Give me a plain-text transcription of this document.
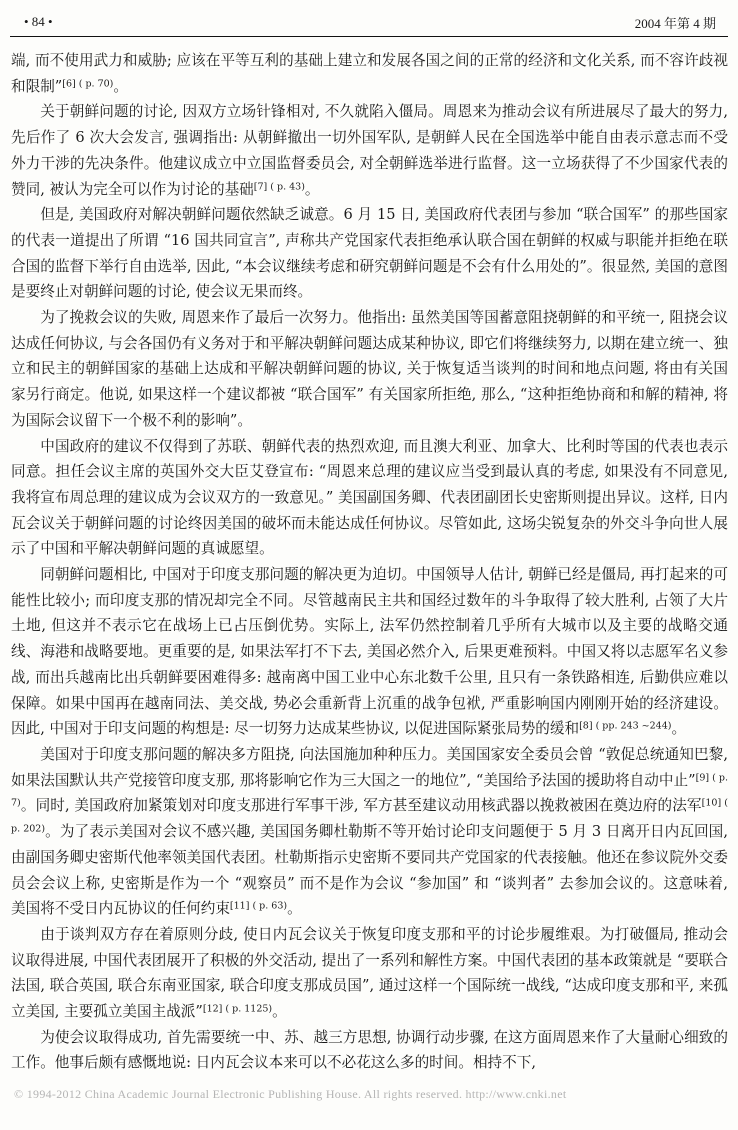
• 84 •	2004 年第 4 期

端, 而不使用武力和威胁; 应该在平等互利的基础上建立和发展各国之间的正常的经济和文化关系, 而不容许歧视和限制”$^{[6] ( p. 70)}$。

关于朝鲜问题的讨论, 因双方立场针锋相对, 不久就陷入僵局。周恩来为推动会议有所进展尽了最大的努力, 先后作了 6 次大会发言, 强调指出: 从朝鲜撤出一切外国军队, 是朝鲜人民在全国选举中能自由表示意志而不受外力干涉的先决条件。他建议成立中立国监督委员会, 对全朝鲜选举进行监督。这一立场获得了不少国家代表的赞同, 被认为完全可以作为讨论的基础$^{[7] ( p. 43)}$。

但是, 美国政府对解决朝鲜问题依然缺乏诚意。6 月 15 日, 美国政府代表团与参加 “联合国军” 的那些国家的代表一道提出了所谓 “16 国共同宣言”, 声称共产党国家代表拒绝承认联合国在朝鲜的权威与职能并拒绝在联合国的监督下举行自由选举, 因此, “本会议继续考虑和研究朝鲜问题是不会有什么用处的”。很显然, 美国的意图是要终止对朝鲜问题的讨论, 使会议无果而终。

为了挽救会议的失败, 周恩来作了最后一次努力。他指出: 虽然美国等国蓄意阻挠朝鲜的和平统一, 阻挠会议达成任何协议, 与会各国仍有义务对于和平解决朝鲜问题达成某种协议, 即它们将继续努力, 以期在建立统一、独立和民主的朝鲜国家的基础上达成和平解决朝鲜问题的协议, 关于恢复适当谈判的时间和地点问题, 将由有关国家另行商定。他说, 如果这样一个建议都被 “联合国军” 有关国家所拒绝, 那么, “这种拒绝协商和和解的精神, 将为国际会议留下一个极不利的影响”。

中国政府的建议不仅得到了苏联、朝鲜代表的热烈欢迎, 而且澳大利亚、加拿大、比利时等国的代表也表示同意。担任会议主席的英国外交大臣艾登宣布: “周恩来总理的建议应当受到最认真的考虑, 如果没有不同意见, 我将宣布周总理的建议成为会议双方的一致意见。” 美国副国务卿、代表团副团长史密斯则提出异议。这样, 日内瓦会议关于朝鲜问题的讨论终因美国的破坏而未能达成任何协议。尽管如此, 这场尖锐复杂的外交斗争向世人展示了中国和平解决朝鲜问题的真诚愿望。

同朝鲜问题相比, 中国对于印度支那问题的解决更为迫切。中国领导人估计, 朝鲜已经是僵局, 再打起来的可能性比较小; 而印度支那的情况却完全不同。尽管越南民主共和国经过数年的斗争取得了较大胜利, 占领了大片土地, 但这并不表示它在战场上已占压倒优势。实际上, 法军仍然控制着几乎所有大城市以及主要的战略交通线、海港和战略要地。更重要的是, 如果法军打不下去, 美国必然介入, 后果更难预料。中国又将以志愿军名义参战, 而出兵越南比出兵朝鲜要困难得多: 越南离中国工业中心东北数千公里, 且只有一条铁路相连, 后勤供应难以保障。如果中国再在越南同法、美交战, 势必会重新背上沉重的战争包袱, 严重影响国内刚刚开始的经济建设。因此, 中国对于印支问题的构想是: 尽一切努力达成某些协议, 以促进国际紧张局势的缓和$^{[8] ( pp. 243 \sim 244)}$。

美国对于印度支那问题的解决多方阻挠, 向法国施加种种压力。美国国家安全委员会曾 “敦促总统通知巴黎, 如果法国默认共产党接管印度支那, 那将影响它作为三大国之一的地位”, “美国给予法国的援助将自动中止”$^{[9] ( p. 7)}$。同时, 美国政府加紧策划对印度支那进行军事干涉, 军方甚至建议动用核武器以挽救被困在奠边府的法军$^{[10] ( p. 202)}$。为了表示美国对会议不感兴趣, 美国国务卿杜勒斯不等开始讨论印支问题便于 5 月 3 日离开日内瓦回国, 由副国务卿史密斯代他率领美国代表团。杜勒斯指示史密斯不要同共产党国家的代表接触。他还在参议院外交委员会会议上称, 史密斯是作为一个 “观察员” 而不是作为会议 “参加国” 和 “谈判者” 去参加会议的。这意味着, 美国将不受日内瓦协议的任何约束$^{[11] ( p. 63)}$。

由于谈判双方存在着原则分歧, 使日内瓦会议关于恢复印度支那和平的讨论步履维艰。为打破僵局, 推动会议取得进展, 中国代表团展开了积极的外交活动, 提出了一系列和解性方案。中国代表团的基本政策就是 “要联合法国, 联合英国, 联合东南亚国家, 联合印度支那成员国”, 通过这样一个国际统一战线, “达成印度支那和平, 来孤立美国, 主要孤立美国主战派”$^{[12] ( p. 1125)}$。

为使会议取得成功, 首先需要统一中、苏、越三方思想, 协调行动步骤, 在这方面周恩来作了大量耐心细致的工作。他事后颇有感慨地说: 日内瓦会议本来可以不必花这么多的时间。相持不下,

© 1994-2012 China Academic Journal Electronic Publishing House. All rights reserved. http://www.cnki.net
